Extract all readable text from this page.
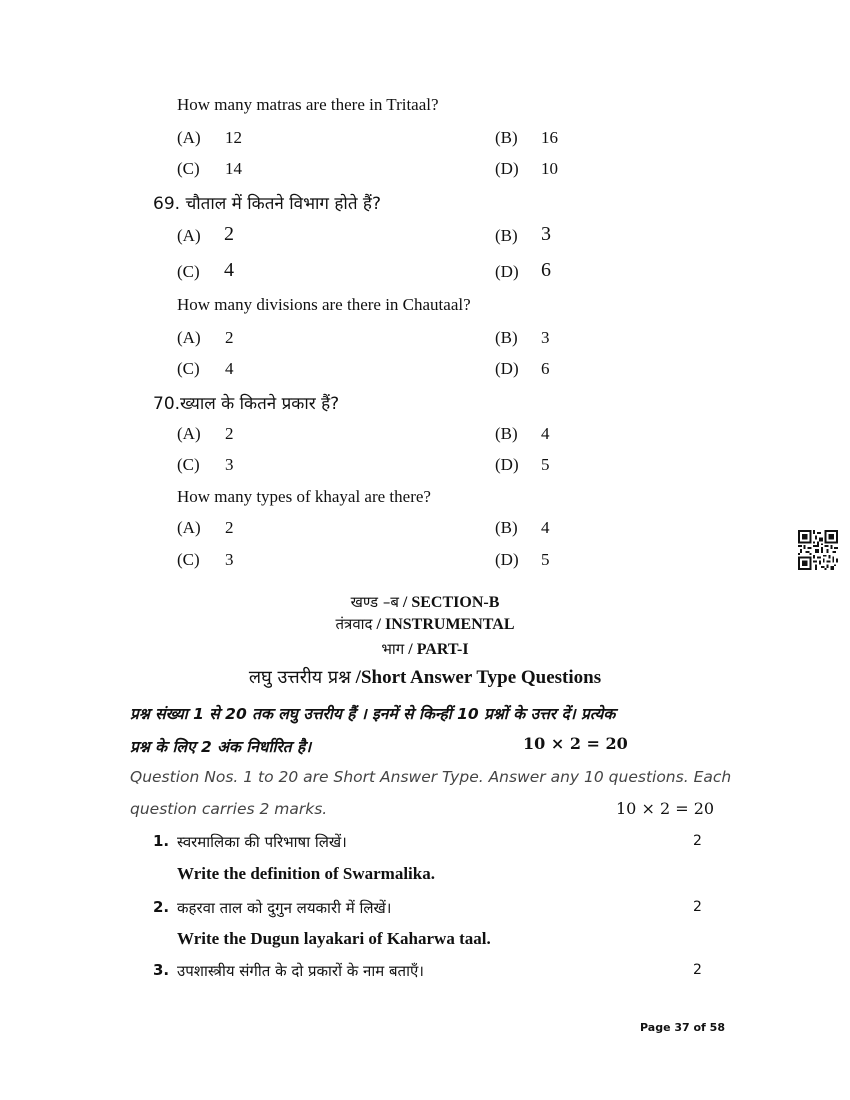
How many matras are there in Tritaal?
(A) 12	(B) 16
(C) 14	(D) 10
69. चौताल में कितने विभाग होते हैं?
(A) 2	(B) 3
(C) 4	(D) 6
How many divisions are there in Chautaal?
(A) 2	(B) 3
(C) 4	(D) 6
70.ख्याल के कितने प्रकार हैं?
(A) 2	(B) 4
(C) 3	(D) 5
How many types of khayal are there?
(A) 2	(B) 4
(C) 3	(D) 5
खण्ड –ब / SECTION-B
तंत्रवाद / INSTRUMENTAL
भाग / PART-I
लघु उत्तरीय प्रश्न /Short Answer Type Questions
प्रश्न संख्या 1 से 20 तक लघु उत्तरीय हैं । इनमें से किन्हीं 10 प्रश्नों के उत्तर दें। प्रत्येक
प्रश्न के लिए 2 अंक निर्धारित है।	10 × 2 = 20
Question Nos. 1 to 20 are Short Answer Type. Answer any 10 questions. Each
question carries 2 marks.	10 × 2 = 20
1. स्वरमालिका की परिभाषा लिखें।	2
Write the definition of Swarmalika.
2. कहरवा ताल को दुगुन लयकारी में लिखें।	2
Write the Dugun layakari of Kaharwa taal.
3. उपशास्त्रीय संगीत के दो प्रकारों के नाम बताएँ।	2
Page 37 of 58
